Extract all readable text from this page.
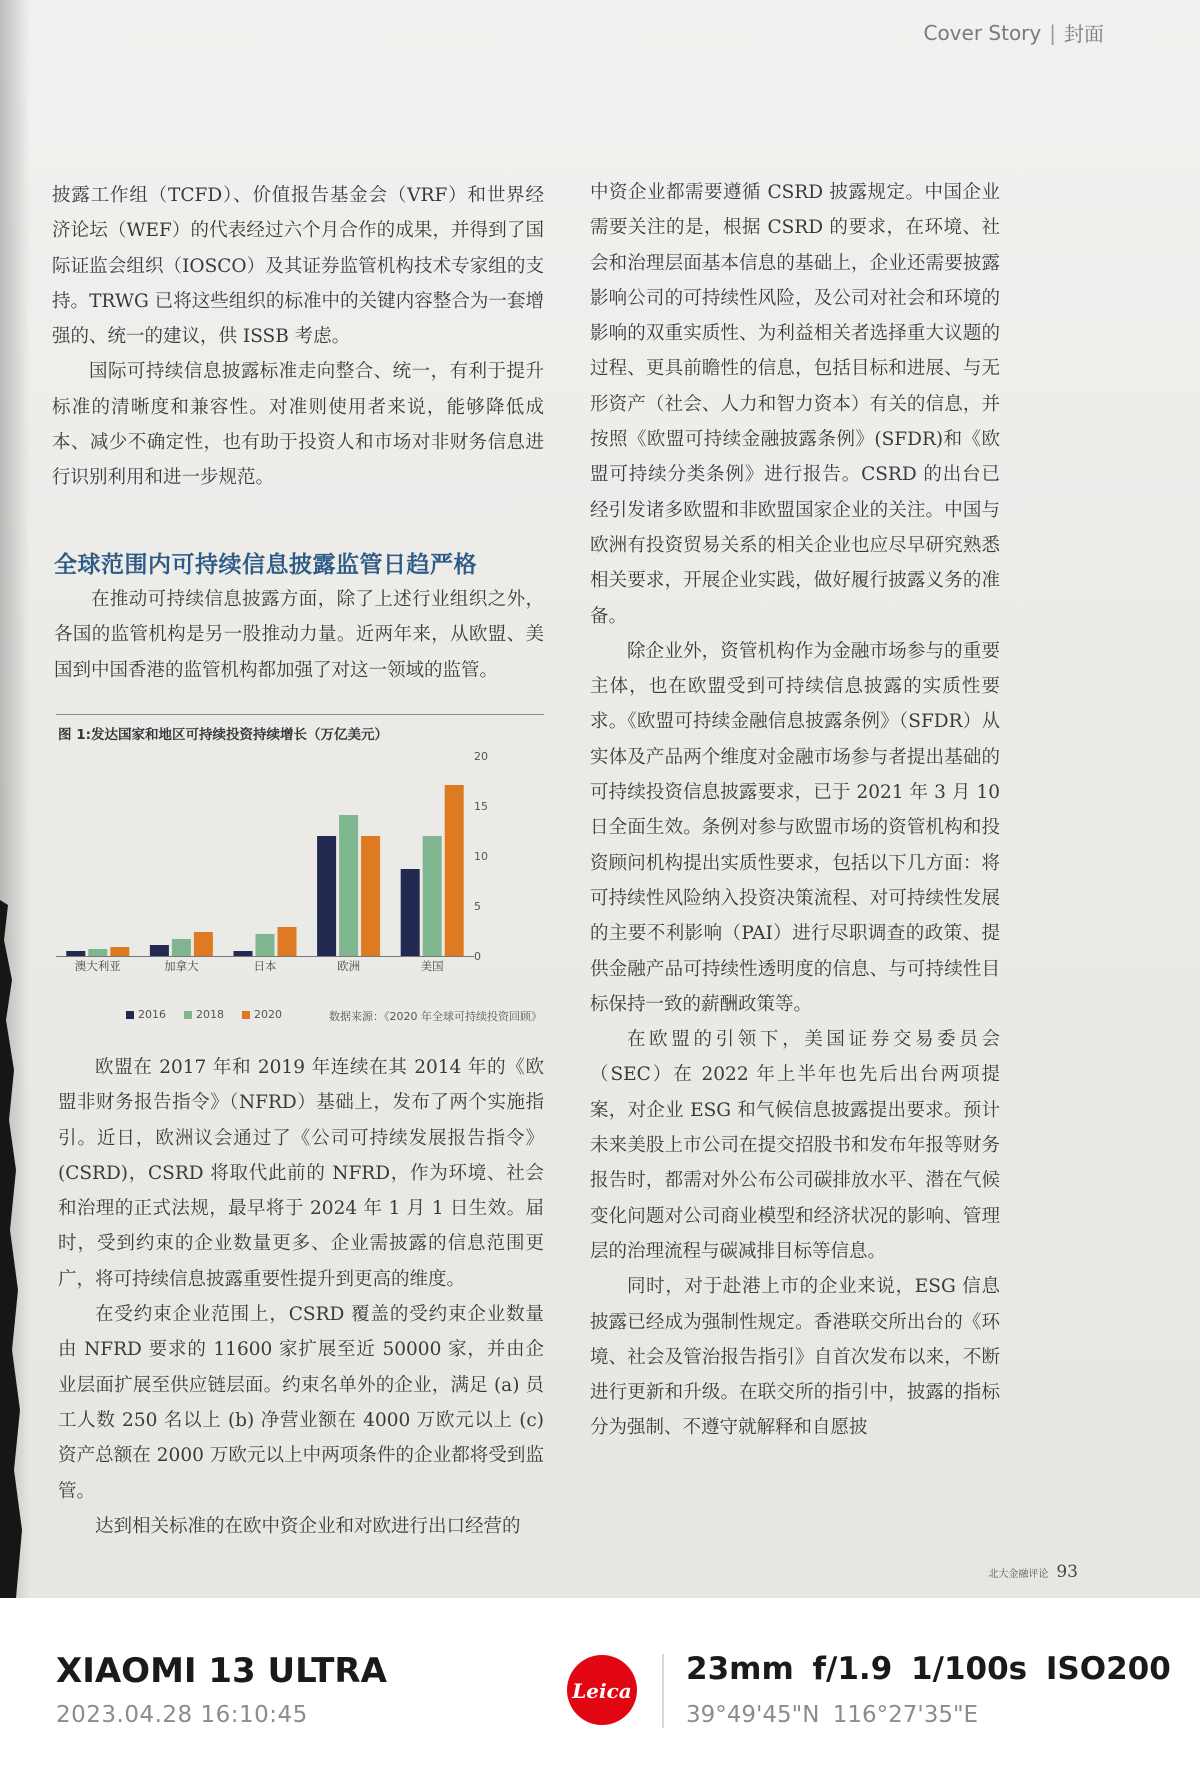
Cover Story | 封面

披露工作组（TCFD）、价值报告基金会（VRF）和世界经济论坛（WEF）的代表经过六个月合作的成果，并得到了国际证监会组织（IOSCO）及其证券监管机构技术专家组的支持。TRWG 已将这些组织的标准中的关键内容整合为一套增强的、统一的建议，供 ISSB 考虑。

国际可持续信息披露标准走向整合、统一，有利于提升标准的清晰度和兼容性。对准则使用者来说，能够降低成本、减少不确定性，也有助于投资人和市场对非财务信息进行识别利用和进一步规范。

全球范围内可持续信息披露监管日趋严格

在推动可持续信息披露方面，除了上述行业组织之外，各国的监管机构是另一股推动力量。近两年来，从欧盟、美国到中国香港的监管机构都加强了对这一领域的监管。

图 1:发达国家和地区可持续投资持续增长（万亿美元）
0
5
10
15
20
澳大利亚	加拿大	日本	欧洲	美国
2016	2018	2020	数据来源：《2020 年全球可持续投资回顾》

欧盟在 2017 年和 2019 年连续在其 2014 年的《欧盟非财务报告指令》（NFRD）基础上，发布了两个实施指引。近日，欧洲议会通过了《公司可持续发展报告指令》(CSRD)，CSRD 将取代此前的 NFRD，作为环境、社会和治理的正式法规，最早将于 2024 年 1 月 1 日生效。届时，受到约束的企业数量更多、企业需披露的信息范围更广，将可持续信息披露重要性提升到更高的维度。

在受约束企业范围上，CSRD 覆盖的受约束企业数量由 NFRD 要求的 11600 家扩展至近 50000 家，并由企业层面扩展至供应链层面。约束名单外的企业，满足 (a) 员工人数 250 名以上 (b) 净营业额在 4000 万欧元以上 (c) 资产总额在 2000 万欧元以上中两项条件的企业都将受到监管。

达到相关标准的在欧中资企业和对欧进行出口经营的

中资企业都需要遵循 CSRD 披露规定。中国企业需要关注的是，根据 CSRD 的要求，在环境、社会和治理层面基本信息的基础上，企业还需要披露影响公司的可持续性风险，及公司对社会和环境的影响的双重实质性、为利益相关者选择重大议题的过程、更具前瞻性的信息，包括目标和进展、与无形资产（社会、人力和智力资本）有关的信息，并按照《欧盟可持续金融披露条例》(SFDR)和《欧盟可持续分类条例》进行报告。CSRD 的出台已经引发诸多欧盟和非欧盟国家企业的关注。中国与欧洲有投资贸易关系的相关企业也应尽早研究熟悉相关要求，开展企业实践，做好履行披露义务的准备。

除企业外，资管机构作为金融市场参与的重要主体，也在欧盟受到可持续信息披露的实质性要求。《欧盟可持续金融信息披露条例》（SFDR）从实体及产品两个维度对金融市场参与者提出基础的可持续投资信息披露要求，已于 2021 年 3 月 10 日全面生效。条例对参与欧盟市场的资管机构和投资顾问机构提出实质性要求，包括以下几方面：将可持续性风险纳入投资决策流程、对可持续性发展的主要不利影响（PAI）进行尽职调查的政策、提供金融产品可持续性透明度的信息、与可持续性目标保持一致的薪酬政策等。

在欧盟的引领下，美国证券交易委员会（SEC）在 2022 年上半年也先后出台两项提案，对企业 ESG 和气候信息披露提出要求。预计未来美股上市公司在提交招股书和发布年报等财务报告时，都需对外公布公司碳排放水平、潜在气候变化问题对公司商业模型和经济状况的影响、管理层的治理流程与碳减排目标等信息。

同时，对于赴港上市的企业来说，ESG 信息披露已经成为强制性规定。香港联交所出台的《环境、社会及管治报告指引》自首次发布以来，不断进行更新和升级。在联交所的指引中，披露的指标分为强制、不遵守就解释和自愿披

北大金融评论 93
XIAOMI 13 ULTRA
2023.04.28 16:10:45
Leica
23mm f/1.9 1/100s ISO200
39°49'45"N 116°27'35"E
